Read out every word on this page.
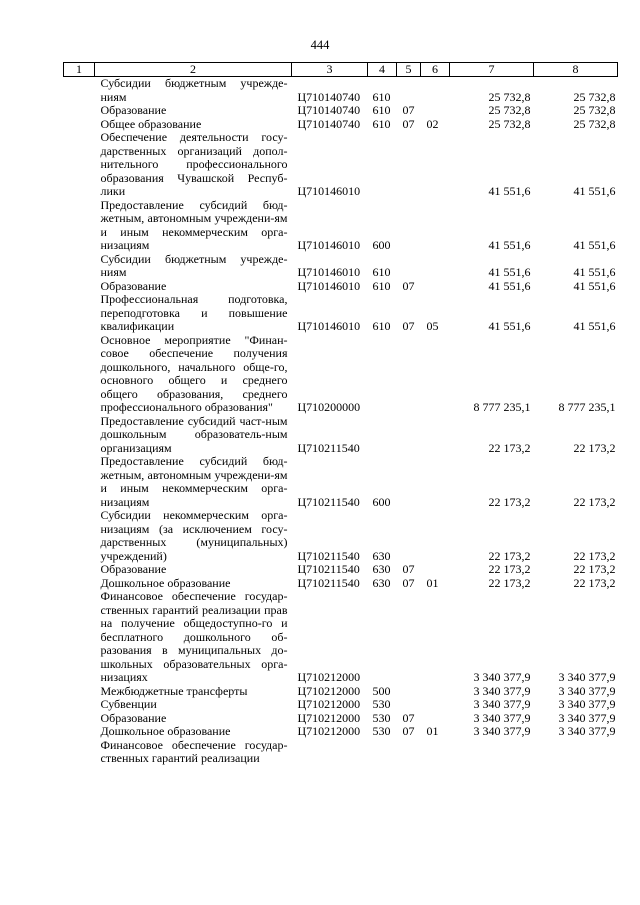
444
1	2	3	4	5	6	7	8
	Субсидии бюджетным учрежде-ниям	Ц710140740	610			25 732,8	25 732,8
	Образование	Ц710140740	610	07		25 732,8	25 732,8
	Общее образование	Ц710140740	610	07	02	25 732,8	25 732,8
	Обеспечение деятельности госу-дарственных организаций допол-нительного профессионального образования Чувашской Респуб-лики	Ц710146010				41 551,6	41 551,6
	Предоставление субсидий бюд-жетным, автономным учреждени-ям и иным некоммерческим орга-низациям	Ц710146010	600			41 551,6	41 551,6
	Субсидии бюджетным учрежде-ниям	Ц710146010	610			41 551,6	41 551,6
	Образование	Ц710146010	610	07		41 551,6	41 551,6
	Профессиональная подготовка, переподготовка и повышение квалификации	Ц710146010	610	07	05	41 551,6	41 551,6
	Основное мероприятие "Финан-совое обеспечение получения дошкольного, начального обще-го, основного общего и среднего общего образования, среднего профессионального образования"	Ц710200000				8 777 235,1	8 777 235,1
	Предоставление субсидий част-ным дошкольным образователь-ным организациям	Ц710211540				22 173,2	22 173,2
	Предоставление субсидий бюд-жетным, автономным учреждени-ям и иным некоммерческим орга-низациям	Ц710211540	600			22 173,2	22 173,2
	Субсидии некоммерческим орга-низациям (за исключением госу-дарственных (муниципальных) учреждений)	Ц710211540	630			22 173,2	22 173,2
	Образование	Ц710211540	630	07		22 173,2	22 173,2
	Дошкольное образование	Ц710211540	630	07	01	22 173,2	22 173,2
	Финансовое обеспечение государ-ственных гарантий реализации прав на получение общедоступно-го и бесплатного дошкольного об-разования в муниципальных до-школьных образовательных орга-низациях	Ц710212000				3 340 377,9	3 340 377,9
	Межбюджетные трансферты	Ц710212000	500			3 340 377,9	3 340 377,9
	Субвенции	Ц710212000	530			3 340 377,9	3 340 377,9
	Образование	Ц710212000	530	07		3 340 377,9	3 340 377,9
	Дошкольное образование	Ц710212000	530	07	01	3 340 377,9	3 340 377,9
	Финансовое обеспечение государ-ственных гарантий реализации						
